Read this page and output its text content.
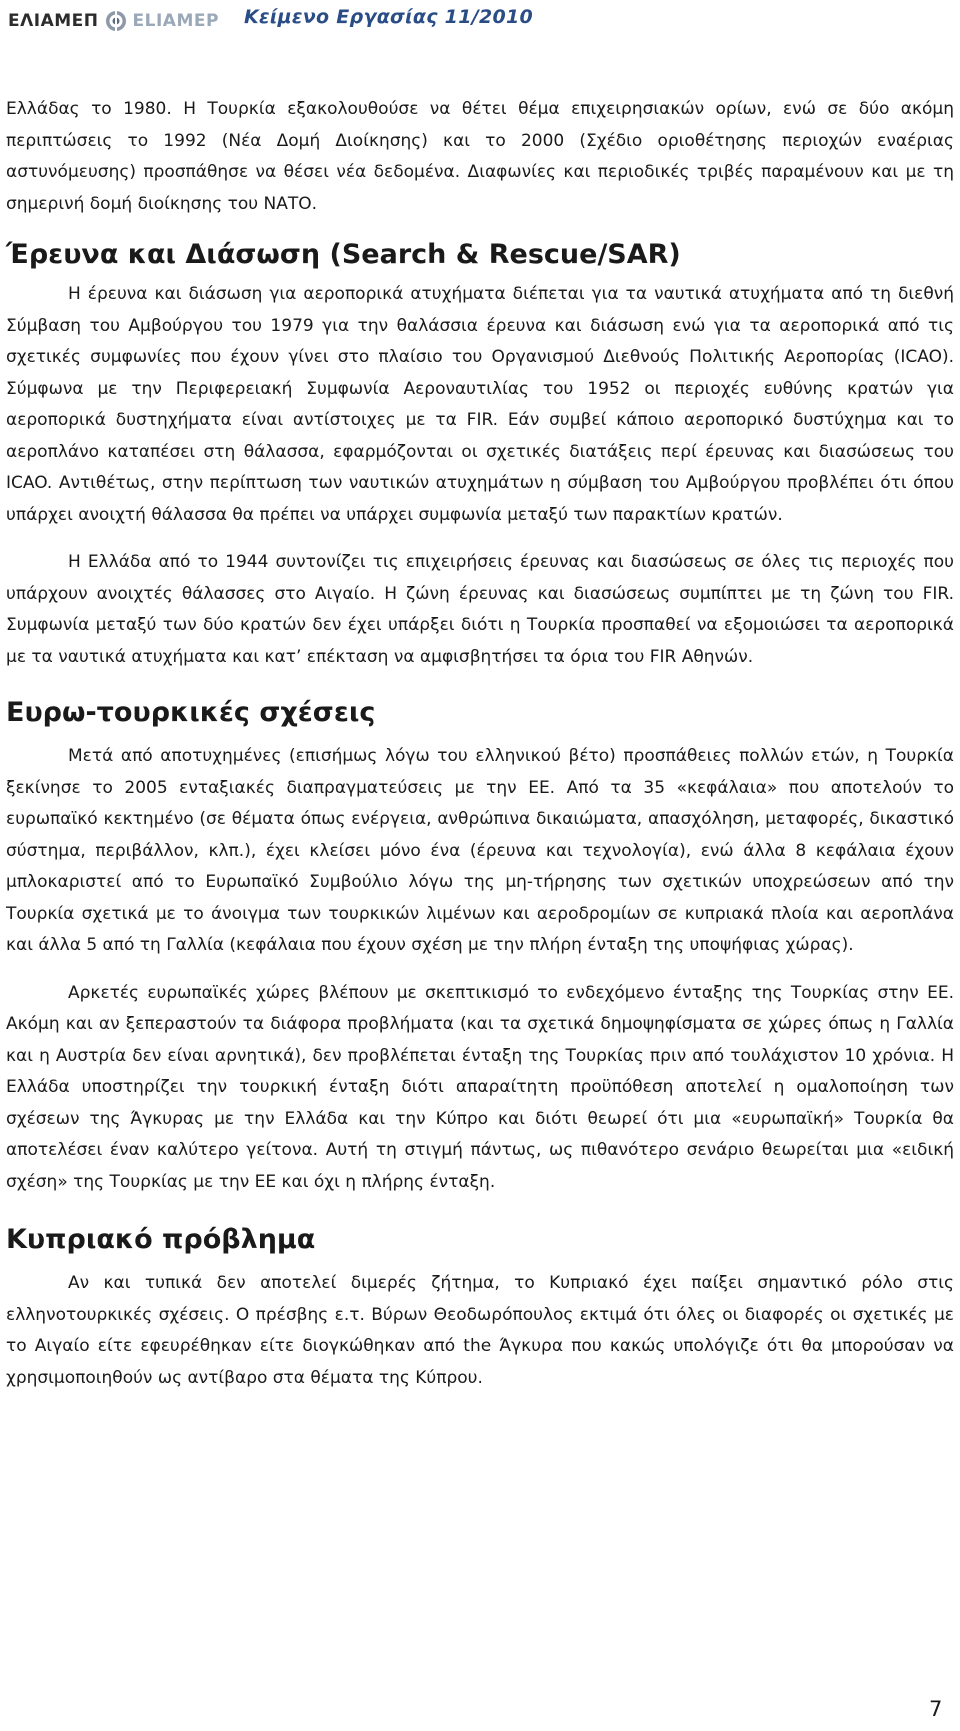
ΕΛΙΑΜΕΠ ELIAMEP Κείμενο Εργασίας 11/2010

Ελλάδας το 1980. Η Τουρκία εξακολουθούσε να θέτει θέμα επιχειρησιακών ορίων, ενώ σε δύο ακόμη περιπτώσεις το 1992 (Νέα Δομή Διοίκησης) και το 2000 (Σχέδιο οριοθέτησης περιοχών εναέριας αστυνόμευσης) προσπάθησε να θέσει νέα δεδομένα. Διαφωνίες και περιοδικές τριβές παραμένουν και με τη σημερινή δομή διοίκησης του ΝΑΤΟ.

Έρευνα και Διάσωση (Search & Rescue/SAR)

Η έρευνα και διάσωση για αεροπορικά ατυχήματα διέπεται για τα ναυτικά ατυχήματα από τη διεθνή Σύμβαση του Αμβούργου του 1979 για την θαλάσσια έρευνα και διάσωση ενώ για τα αεροπορικά από τις σχετικές συμφωνίες που έχουν γίνει στο πλαίσιο του Οργανισμού Διεθνούς Πολιτικής Αεροπορίας (ICAO). Σύμφωνα με την Περιφερειακή Συμφωνία Αεροναυτιλίας του 1952 οι περιοχές ευθύνης κρατών για αεροπορικά δυστηχήματα είναι αντίστοιχες με τα FIR. Εάν συμβεί κάποιο αεροπορικό δυστύχημα και το αεροπλάνο καταπέσει στη θάλασσα, εφαρμόζονται οι σχετικές διατάξεις περί έρευνας και διασώσεως του ICAO. Αντιθέτως, στην περίπτωση των ναυτικών ατυχημάτων η σύμβαση του Αμβούργου προβλέπει ότι όπου υπάρχει ανοιχτή θάλασσα θα πρέπει να υπάρχει συμφωνία μεταξύ των παρακτίων κρατών.

Η Ελλάδα από το 1944 συντονίζει τις επιχειρήσεις έρευνας και διασώσεως σε όλες τις περιοχές που υπάρχουν ανοιχτές θάλασσες στο Αιγαίο. Η ζώνη έρευνας και διασώσεως συμπίπτει με τη ζώνη του FIR. Συμφωνία μεταξύ των δύο κρατών δεν έχει υπάρξει διότι η Τουρκία προσπαθεί να εξομοιώσει τα αεροπορικά με τα ναυτικά ατυχήματα και κατ’ επέκταση να αμφισβητήσει τα όρια του FIR Αθηνών.

Ευρω-τουρκικές σχέσεις

Μετά από αποτυχημένες (επισήμως λόγω του ελληνικού βέτο) προσπάθειες πολλών ετών, η Τουρκία ξεκίνησε το 2005 ενταξιακές διαπραγματεύσεις με την ΕΕ. Από τα 35 «κεφάλαια» που αποτελούν το ευρωπαϊκό κεκτημένο (σε θέματα όπως ενέργεια, ανθρώπινα δικαιώματα, απασχόληση, μεταφορές, δικαστικό σύστημα, περιβάλλον, κλπ.), έχει κλείσει μόνο ένα (έρευνα και τεχνολογία), ενώ άλλα 8 κεφάλαια έχουν μπλοκαριστεί από το Ευρωπαϊκό Συμβούλιο λόγω της μη-τήρησης των σχετικών υποχρεώσεων από την Τουρκία σχετικά με το άνοιγμα των τουρκικών λιμένων και αεροδρομίων σε κυπριακά πλοία και αεροπλάνα και άλλα 5 από τη Γαλλία (κεφάλαια που έχουν σχέση με την πλήρη ένταξη της υποψήφιας χώρας).

Αρκετές ευρωπαϊκές χώρες βλέπουν με σκεπτικισμό το ενδεχόμενο ένταξης της Τουρκίας στην ΕΕ. Ακόμη και αν ξεπεραστούν τα διάφορα προβλήματα (και τα σχετικά δημοψηφίσματα σε χώρες όπως η Γαλλία και η Αυστρία δεν είναι αρνητικά), δεν προβλέπεται ένταξη της Τουρκίας πριν από τουλάχιστον 10 χρόνια. Η Ελλάδα υποστηρίζει την τουρκική ένταξη διότι απαραίτητη προϋπόθεση αποτελεί η ομαλοποίηση των σχέσεων της Άγκυρας με την Ελλάδα και την Κύπρο και διότι θεωρεί ότι μια «ευρωπαϊκή» Τουρκία θα αποτελέσει έναν καλύτερο γείτονα. Αυτή τη στιγμή πάντως, ως πιθανότερο σενάριο θεωρείται μια «ειδική σχέση» της Τουρκίας με την ΕΕ και όχι η πλήρης ένταξη.

Κυπριακό πρόβλημα

Αν και τυπικά δεν αποτελεί διμερές ζήτημα, το Κυπριακό έχει παίξει σημαντικό ρόλο στις ελληνοτουρκικές σχέσεις. Ο πρέσβης ε.τ. Βύρων Θεοδωρόπουλος εκτιμά ότι όλες οι διαφορές οι σχετικές με το Αιγαίο είτε εφευρέθηκαν είτε διογκώθηκαν από the Άγκυρα που κακώς υπολόγιζε ότι θα μπορούσαν να χρησιμοποιηθούν ως αντίβαρο στα θέματα της Κύπρου.

7
